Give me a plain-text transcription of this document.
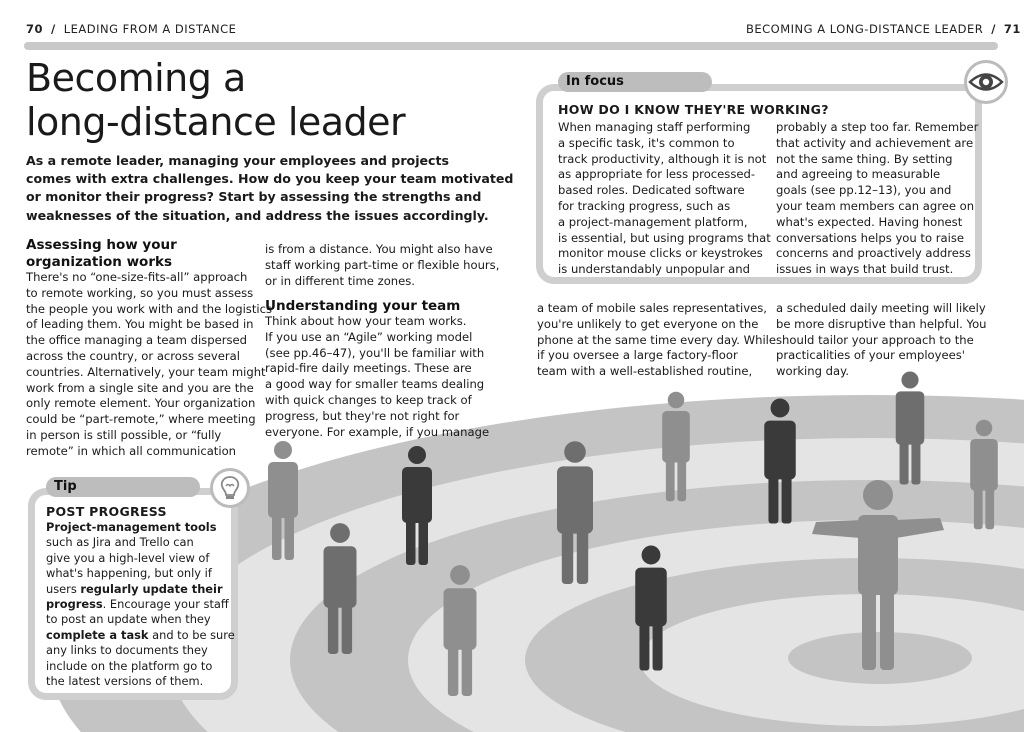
70 / LEADING FROM A DISTANCE	BECOMING A LONG-DISTANCE LEADER / 71
Becoming a
long-distance leader
As a remote leader, managing your employees and projects
comes with extra challenges. How do you keep your team motivated
or monitor their progress? Start by assessing the strengths and
weaknesses of the situation, and address the issues accordingly.
Assessing how your
organization works
There's no “one-size-fits-all” approach
to remote working, so you must assess
the people you work with and the logistics
of leading them. You might be based in
the office managing a team dispersed
across the country, or across several
countries. Alternatively, your team might
work from a single site and you are the
only remote element. Your organization
could be “part-remote,” where meeting
in person is still possible, or “fully
remote” in which all communication
is from a distance. You might also have
staff working part-time or flexible hours,
or in different time zones.
Understanding your team
Think about how your team works.
If you use an “Agile” working model
(see pp.46–47), you'll be familiar with
rapid-fire daily meetings. These are
a good way for smaller teams dealing
with quick changes to keep track of
progress, but they're not right for
everyone. For example, if you manage
a team of mobile sales representatives,
you're unlikely to get everyone on the
phone at the same time every day. While
if you oversee a large factory-floor
team with a well-established routine,
a scheduled daily meeting will likely
be more disruptive than helpful. You
should tailor your approach to the
practicalities of your employees'
working day.
In focus
HOW DO I KNOW THEY'RE WORKING?
When managing staff performing
a specific task, it's common to
track productivity, although it is not
as appropriate for less processed-
based roles. Dedicated software
for tracking progress, such as
a project-management platform,
is essential, but using programs that
monitor mouse clicks or keystrokes
is understandably unpopular and
probably a step too far. Remember
that activity and achievement are
not the same thing. By setting
and agreeing to measurable
goals (see pp.12–13), you and
your team members can agree on
what's expected. Having honest
conversations helps you to raise
concerns and proactively address
issues in ways that build trust.
Tip
POST PROGRESS
Project-management tools
such as Jira and Trello can
give you a high-level view of
what's happening, but only if
users regularly update their
progress. Encourage your staff
to post an update when they
complete a task and to be sure
any links to documents they
include on the platform go to
the latest versions of them.
